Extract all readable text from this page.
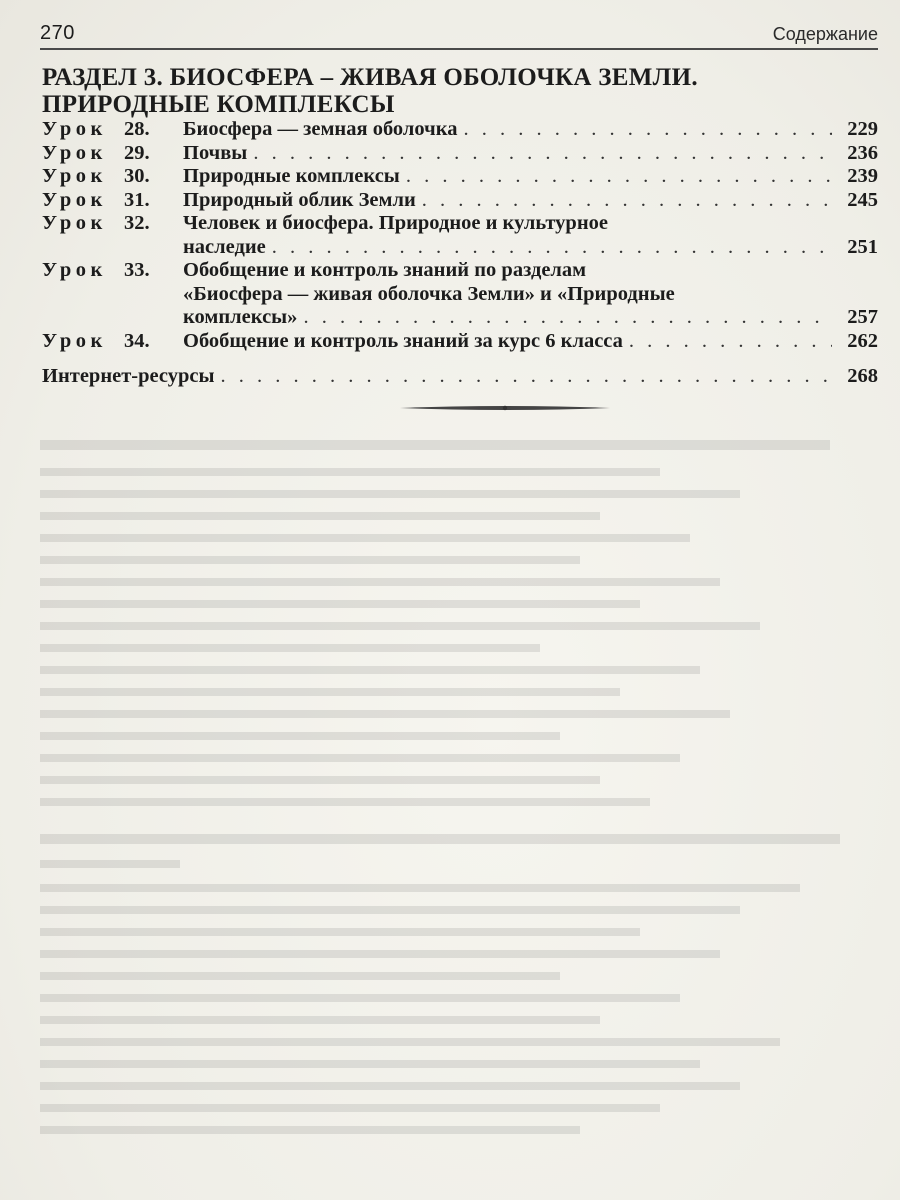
270	Содержание
РАЗДЕЛ 3. БИОСФЕРА – ЖИВАЯ ОБОЛОЧКА ЗЕМЛИ.
ПРИРОДНЫЕ КОМПЛЕКСЫ
Урок 28. Биосфера — земная оболочка . . .	229
Урок 29. Почвы . . .	236
Урок 30. Природные комплексы . . .	239
Урок 31. Природный облик Земли . . .	245
Урок 32. Человек и биосфера. Природное и культурное
наследие . . .	251
Урок 33. Обобщение и контроль знаний по разделам
«Биосфера — живая оболочка Земли» и «Природные
комплексы» . . .	257
Урок 34. Обобщение и контроль знаний за курс 6 класса . . .	262
Интернет-ресурсы . . .	268
